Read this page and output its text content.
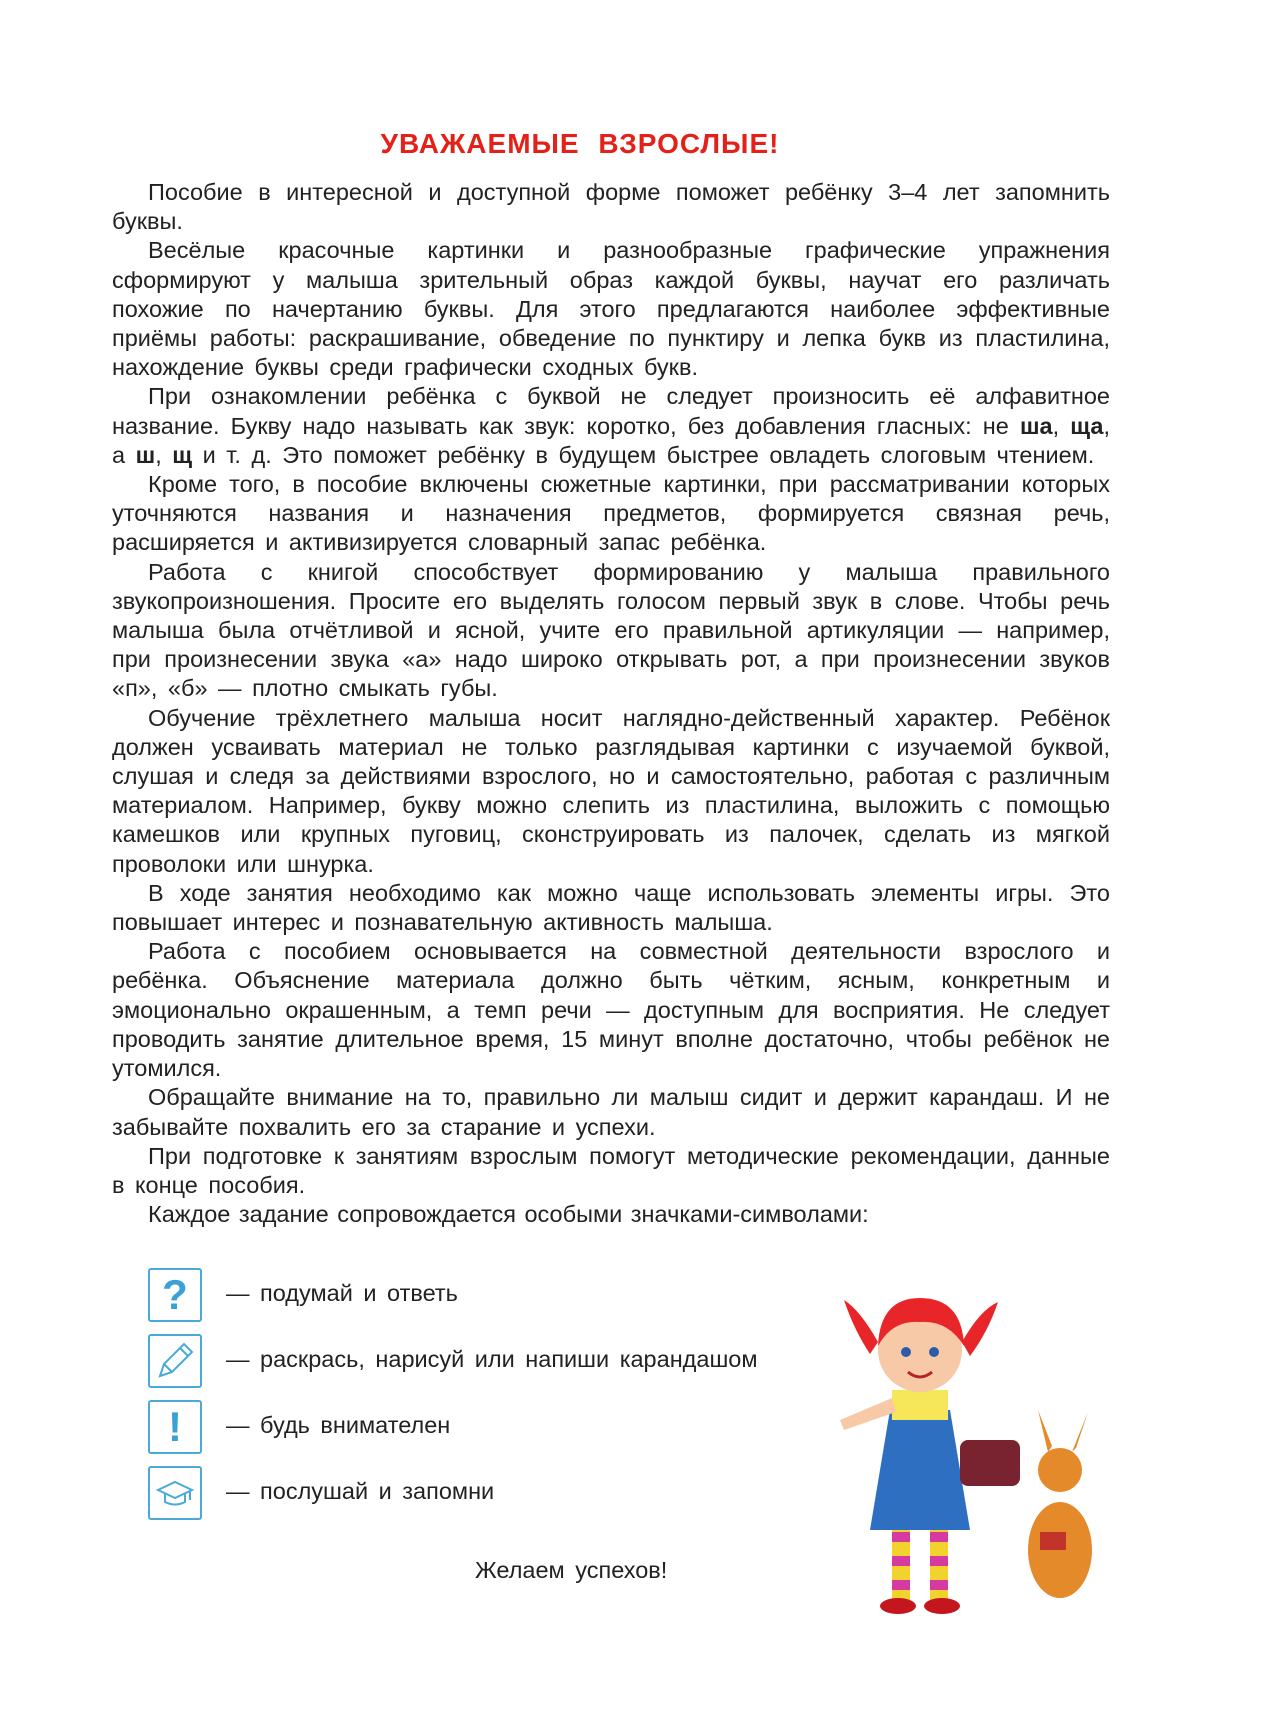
УВАЖАЕМЫЕ ВЗРОСЛЫЕ!

Пособие в интересной и доступной форме поможет ребёнку 3–4 лет запомнить буквы.

Весёлые красочные картинки и разнообразные графические упражнения сформируют у малыша зрительный образ каждой буквы, научат его различать похожие по начертанию буквы. Для этого предлагаются наиболее эффективные приёмы работы: раскрашивание, обведение по пунктиру и лепка букв из пластилина, нахождение буквы среди графически сходных букв.

При ознакомлении ребёнка с буквой не следует произносить её алфавитное название. Букву надо называть как звук: коротко, без добавления гласных: не ша, ща, а ш, щ и т. д. Это поможет ребёнку в будущем быстрее овладеть слоговым чтением.

Кроме того, в пособие включены сюжетные картинки, при рассматривании которых уточняются названия и назначения предметов, формируется связная речь, расширяется и активизируется словарный запас ребёнка.

Работа с книгой способствует формированию у малыша правильного звукопроизношения. Просите его выделять голосом первый звук в слове. Чтобы речь малыша была отчётливой и ясной, учите его правильной артикуляции — например, при произнесении звука «а» надо широко открывать рот, а при произнесении звуков «п», «б» — плотно смыкать губы.

Обучение трёхлетнего малыша носит наглядно-действенный характер. Ребёнок должен усваивать материал не только разглядывая картинки с изучаемой буквой, слушая и следя за действиями взрослого, но и самостоятельно, работая с различным материалом. Например, букву можно слепить из пластилина, выложить с помощью камешков или крупных пуговиц, сконструировать из палочек, сделать из мягкой проволоки или шнурка.

В ходе занятия необходимо как можно чаще использовать элементы игры. Это повышает интерес и познавательную активность малыша.

Работа с пособием основывается на совместной деятельности взрослого и ребёнка. Объяснение материала должно быть чётким, ясным, конкретным и эмоционально окрашенным, а темп речи — доступным для восприятия. Не следует проводить занятие длительное время, 15 минут вполне достаточно, чтобы ребёнок не утомился.

Обращайте внимание на то, правильно ли малыш сидит и держит карандаш. И не забывайте похвалить его за старание и успехи.

При подготовке к занятиям взрослым помогут методические рекомендации, данные в конце пособия.

Каждое задание сопровождается особыми значками-символами:

?	— подумай и ответь
— раскрась, нарисуй или напиши карандашом
!	— будь внимателен
— послушай и запомни
Желаем успехов!
